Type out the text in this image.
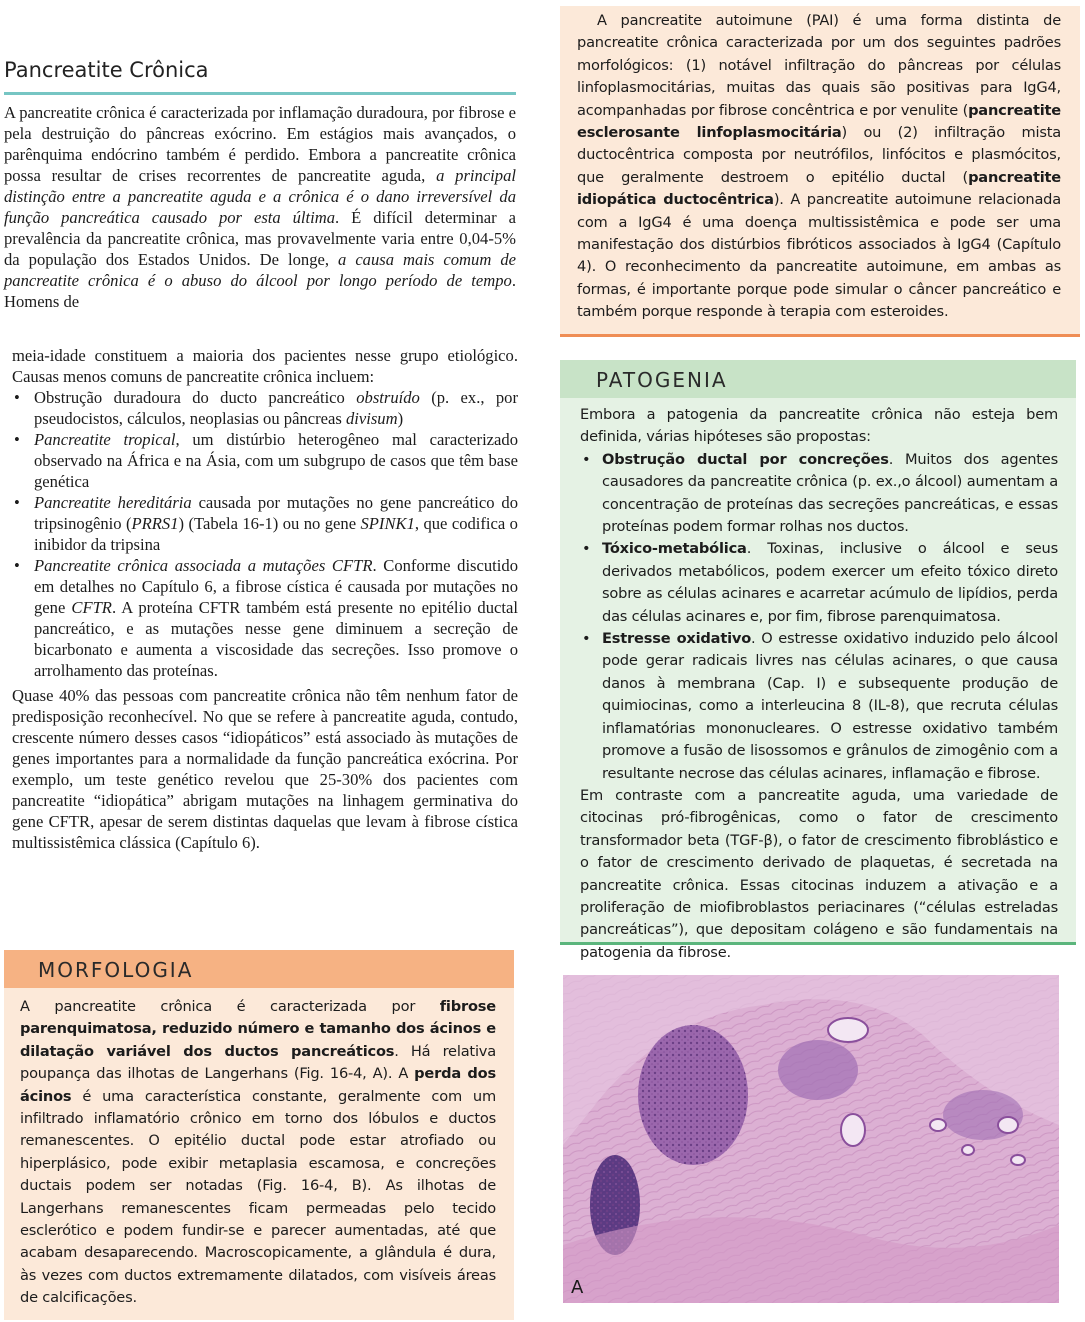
Pancreatite Crônica

A pancreatite crônica é caracterizada por inflamação duradoura, por fibrose e pela destruição do pâncreas exócrino. Em estágios mais avançados, o parênquima endócrino também é perdido. Embora a pancreatite crônica possa resultar de crises recorrentes de pancreatite aguda, a principal distinção entre a pancreatite aguda e a crônica é o dano irreversível da função pancreática causado por esta última. É difícil determinar a prevalência da pancreatite crônica, mas provavelmente varia entre 0,04-5% da população dos Estados Unidos. De longe, a causa mais comum de pancreatite crônica é o abuso do álcool por longo período de tempo. Homens de

meia-idade constituem a maioria dos pacientes nesse grupo etiológico. Causas menos comuns de pancreatite crônica incluem:

• Obstrução duradoura do ducto pancreático obstruído (p. ex., por pseudocistos, cálculos, neoplasias ou pâncreas divisum)
• Pancreatite tropical, um distúrbio heterogêneo mal caracterizado observado na África e na Ásia, com um subgrupo de casos que têm base genética
• Pancreatite hereditária causada por mutações no gene pancreático do tripsinogênio (PRRS1) (Tabela 16-1) ou no gene SPINK1, que codifica o inibidor da tripsina
• Pancreatite crônica associada a mutações CFTR. Conforme discutido em detalhes no Capítulo 6, a fibrose cística é causada por mutações no gene CFTR. A proteína CFTR também está presente no epitélio ductal pancreático, e as mutações nesse gene diminuem a secreção de bicarbonato e aumenta a viscosidade das secreções. Isso promove o arrolhamento das proteínas.

Quase 40% das pessoas com pancreatite crônica não têm nenhum fator de predisposição reconhecível. No que se refere à pancreatite aguda, contudo, crescente número desses casos “idiopáticos” está associado às mutações de genes importantes para a normalidade da função pancreática exócrina. Por exemplo, um teste genético revelou que 25-30% dos pacientes com pancreatite “idiopática” abrigam mutações na linhagem germinativa do gene CFTR, apesar de serem distintas daquelas que levam à fibrose cística multissistêmica clássica (Capítulo 6).

A pancreatite autoimune (PAI) é uma forma distinta de pancreatite crônica caracterizada por um dos seguintes padrões morfológicos: (1) notável infiltração do pâncreas por células linfoplasmocitárias, muitas das quais são positivas para IgG4, acompanhadas por fibrose concêntrica e por venulite (pancreatite esclerosante linfoplasmocitária) ou (2) infiltração mista ductocêntrica composta por neutrófilos, linfócitos e plasmócitos, que geralmente destroem o epitélio ductal (pancreatite idiopática ductocêntrica). A pancreatite autoimune relacionada com a IgG4 é uma doença multissistêmica e pode ser uma manifestação dos distúrbios fibróticos associados à IgG4 (Capítulo 4). O reconhecimento da pancreatite autoimune, em ambas as formas, é importante porque pode simular o câncer pancreático e também porque responde à terapia com esteroides.

PATOGENIA

Embora a patogenia da pancreatite crônica não esteja bem definida, várias hipóteses são propostas:

• Obstrução ductal por concreções. Muitos dos agentes causadores da pancreatite crônica (p. ex.,o álcool) aumentam a concentração de proteínas das secreções pancreáticas, e essas proteínas podem formar rolhas nos ductos.
• Tóxico-metabólica. Toxinas, inclusive o álcool e seus derivados metabólicos, podem exercer um efeito tóxico direto sobre as células acinares e acarretar acúmulo de lipídios, perda das células acinares e, por fim, fibrose parenquimatosa.
• Estresse oxidativo. O estresse oxidativo induzido pelo álcool pode gerar radicais livres nas células acinares, o que causa danos à membrana (Cap. I) e subsequente produção de quimiocinas, como a interleucina 8 (IL-8), que recruta células inflamatórias mononucleares. O estresse oxidativo também promove a fusão de lisossomos e grânulos de zimogênio com a resultante necrose das células acinares, inflamação e fibrose.

Em contraste com a pancreatite aguda, uma variedade de citocinas pró-fibrogênicas, como o fator de crescimento transformador beta (TGF-β), o fator de crescimento fibroblástico e o fator de crescimento derivado de plaquetas, é secretada na pancreatite crônica. Essas citocinas induzem a ativação e a proliferação de miofibroblastos periacinares (“células estreladas pancreáticas”), que depositam colágeno e são fundamentais na patogenia da fibrose.

MORFOLOGIA

A pancreatite crônica é caracterizada por fibrose parenquimatosa, reduzido número e tamanho dos ácinos e dilatação variável dos ductos pancreáticos. Há relativa poupança das ilhotas de Langerhans (Fig. 16-4, A). A perda dos ácinos é uma característica constante, geralmente com um infiltrado inflamatório crônico em torno dos lóbulos e ductos remanescentes. O epitélio ductal pode estar atrofiado ou hiperplásico, pode exibir metaplasia escamosa, e concreções ductais podem ser notadas (Fig. 16-4, B). As ilhotas de Langerhans remanescentes ficam permeadas pelo tecido esclerótico e podem fundir-se e parecer aumentadas, até que acabam desaparecendo. Macroscopicamente, a glândula é dura, às vezes com ductos extremamente dilatados, com visíveis áreas de calcificações.	A
